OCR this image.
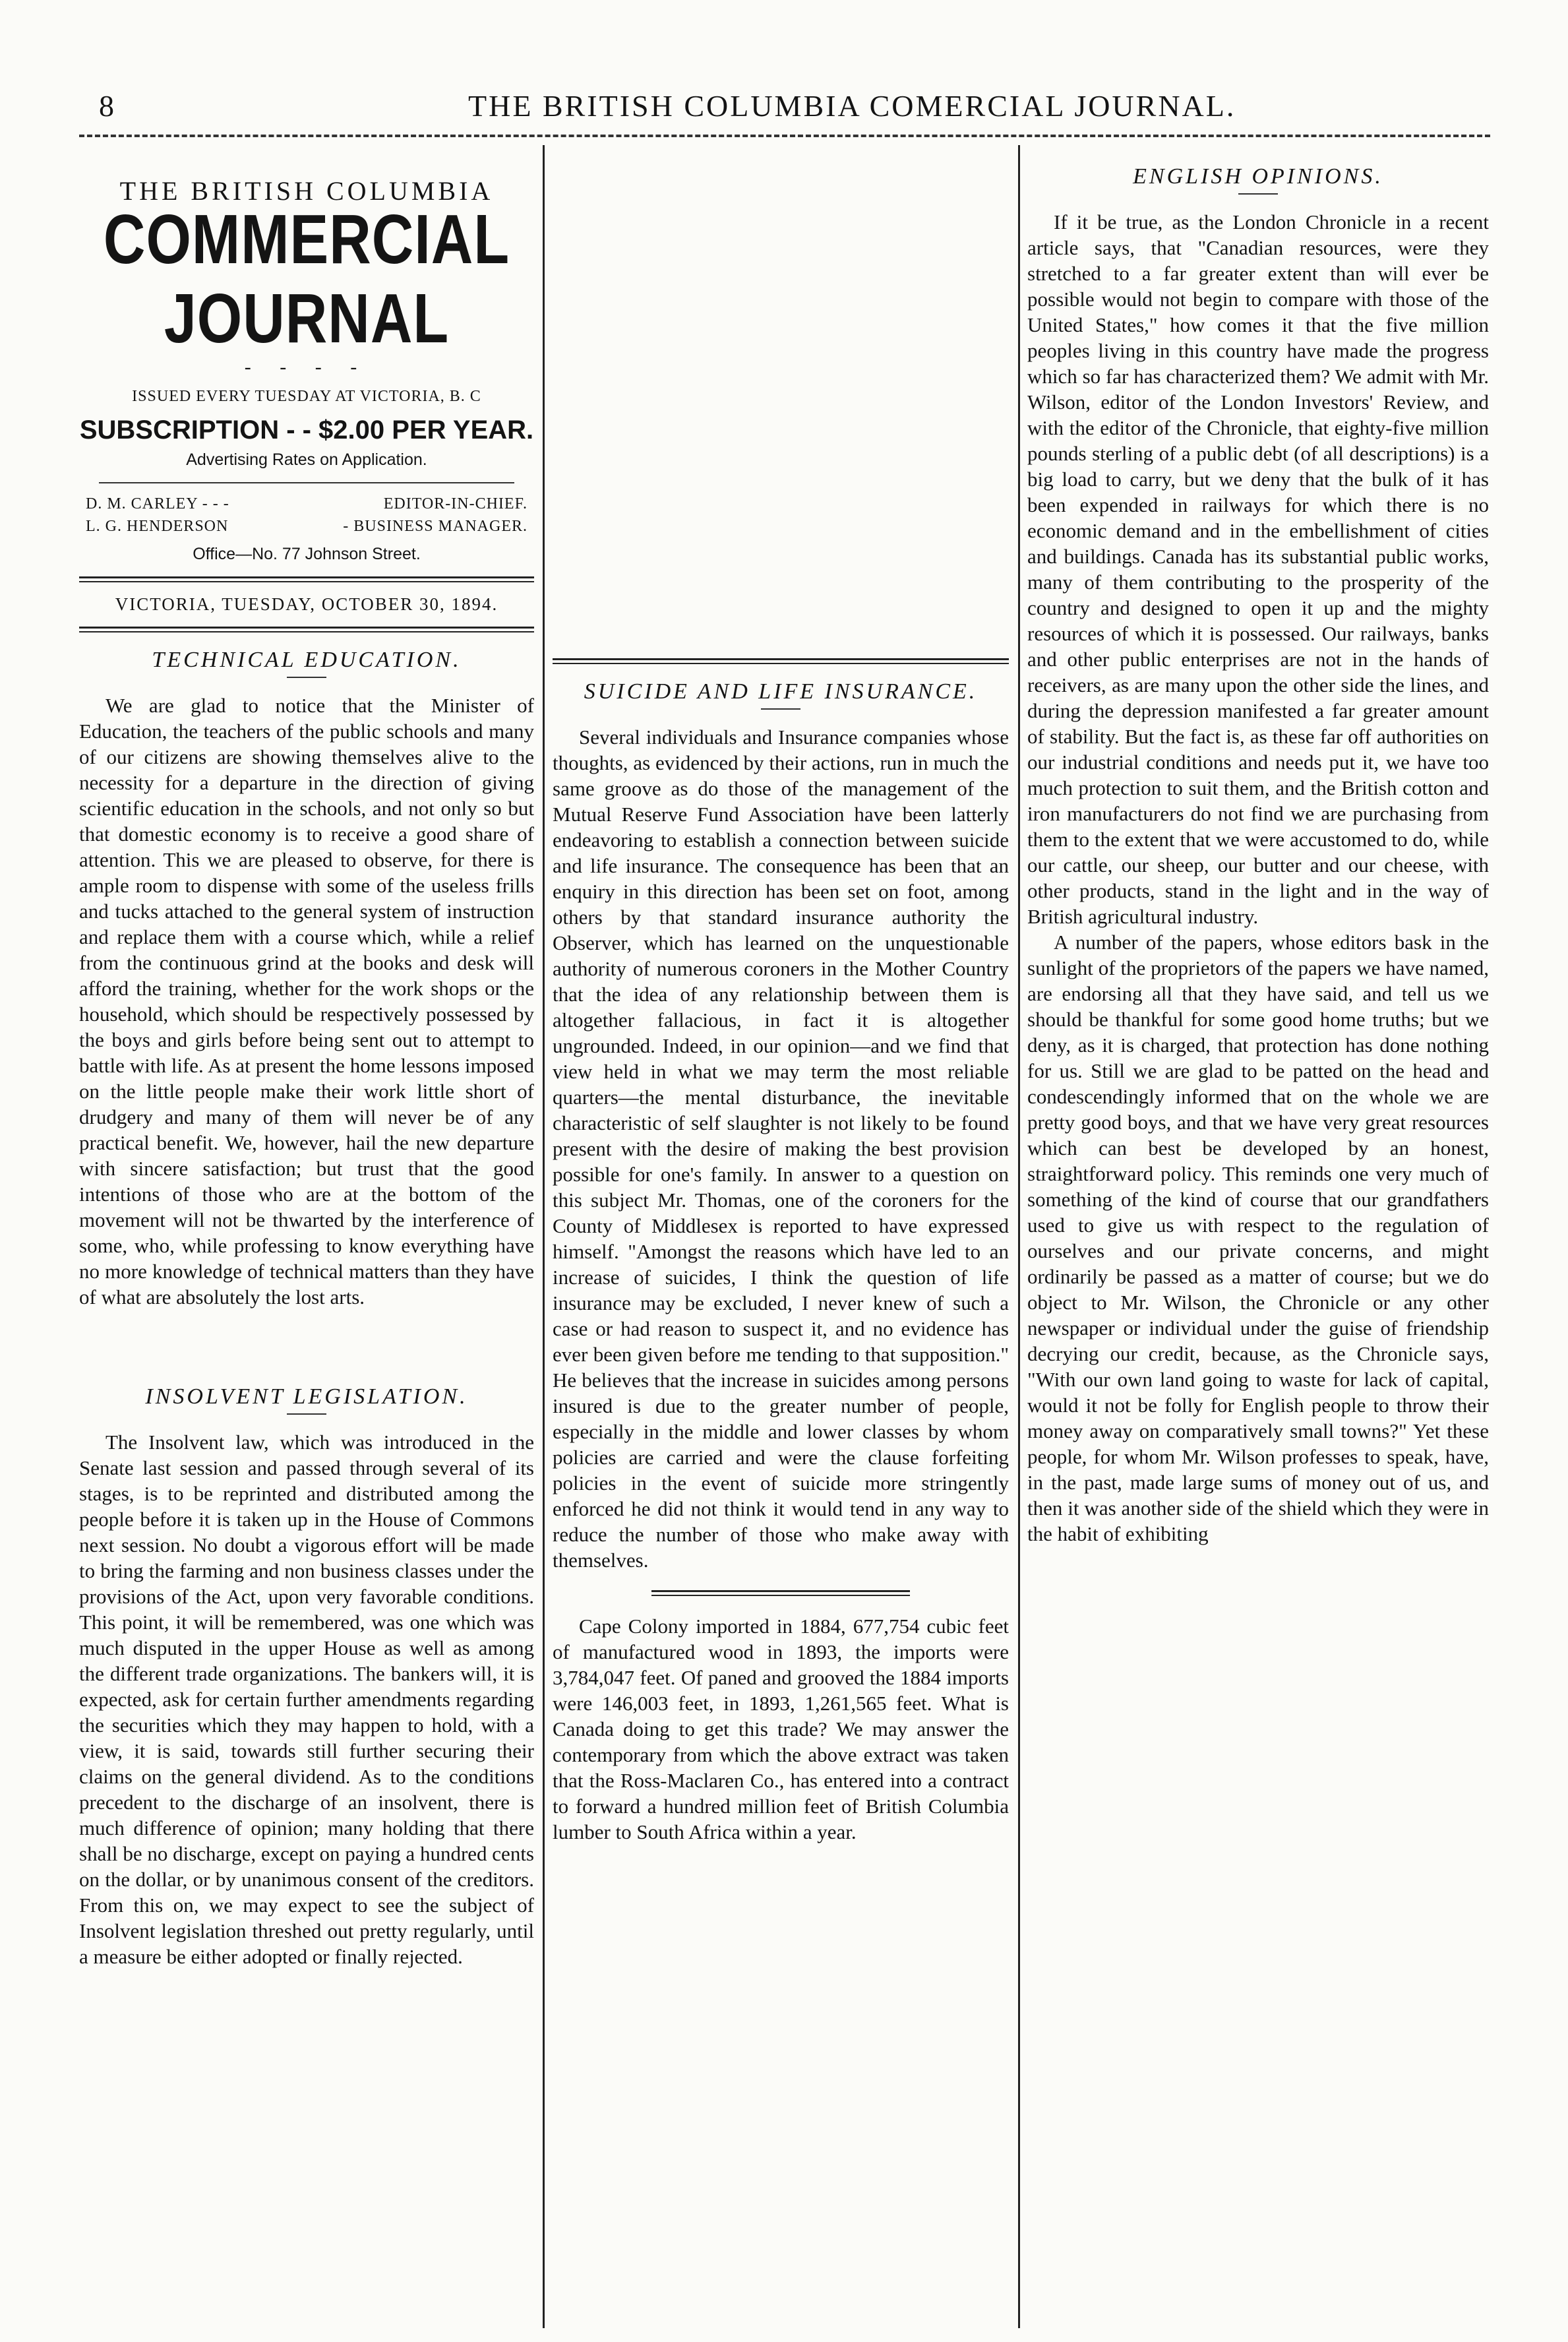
8	THE BRITISH COLUMBIA COMERCIAL JOURNAL.
THE BRITISH COLUMBIA
COMMERCIAL JOURNAL
- - - -
ISSUED EVERY TUESDAY AT VICTORIA, B. C
SUBSCRIPTION - - $2.00 PER YEAR.
Advertising Rates on Application.
D. M. CARLEY - - -	EDITOR-IN-CHIEF.
L. G. HENDERSON	- BUSINESS MANAGER.
Office—No. 77 Johnson Street.
VICTORIA, TUESDAY, OCTOBER 30, 1894.
TECHNICAL EDUCATION.

We are glad to notice that the Minister of Education, the teachers of the public schools and many of our citizens are showing themselves alive to the necessity for a departure in the direction of giving scientific education in the schools, and not only so but that domestic economy is to receive a good share of attention. This we are pleased to observe, for there is ample room to dispense with some of the useless frills and tucks attached to the general system of instruction and replace them with a course which, while a relief from the continuous grind at the books and desk will afford the training, whether for the work shops or the household, which should be respectively possessed by the boys and girls before being sent out to attempt to battle with life. As at present the home lessons imposed on the little people make their work little short of drudgery and many of them will never be of any practical benefit. We, however, hail the new departure with sincere satisfaction; but trust that the good intentions of those who are at the bottom of the movement will not be thwarted by the interference of some, who, while professing to know everything have no more knowledge of technical matters than they have of what are absolutely the lost arts.

INSOLVENT LEGISLATION.

The Insolvent law, which was introduced in the Senate last session and passed through several of its stages, is to be reprinted and distributed among the people before it is taken up in the House of Commons next session. No doubt a vigorous effort will be made to bring the farming and non business classes under the provisions of the Act, upon very favorable conditions. This point, it will be remembered, was one which was much disputed in the upper House as well as among the different trade organizations. The bankers will, it is expected, ask for certain further amendments regarding the securities which they may happen to hold, with a view, it is said, towards still further securing their claims on the general dividend. As to the conditions precedent to the discharge of an insolvent, there is much difference of opinion; many holding that there shall be no discharge, except on paying a hundred cents on the dollar, or by unanimous consent of the creditors. From this on, we may expect to see the subject of Insolvent legislation threshed out pretty regularly, until a measure be either adopted or finally rejected.

SUICIDE AND LIFE INSURANCE.

Several individuals and Insurance companies whose thoughts, as evidenced by their actions, run in much the same groove as do those of the management of the Mutual Reserve Fund Association have been latterly endeavoring to establish a connection between suicide and life insurance. The consequence has been that an enquiry in this direction has been set on foot, among others by that standard insurance authority the Observer, which has learned on the unquestionable authority of numerous coroners in the Mother Country that the idea of any relationship between them is altogether fallacious, in fact it is altogether ungrounded. Indeed, in our opinion—and we find that view held in what we may term the most reliable quarters—the mental disturbance, the inevitable characteristic of self slaughter is not likely to be found present with the desire of making the best provision possible for one's family. In answer to a question on this subject Mr. Thomas, one of the coroners for the County of Middlesex is reported to have expressed himself. "Amongst the reasons which have led to an increase of suicides, I think the question of life insurance may be excluded, I never knew of such a case or had reason to suspect it, and no evidence has ever been given before me tending to that supposition." He believes that the increase in suicides among persons insured is due to the greater number of people, especially in the middle and lower classes by whom policies are carried and were the clause forfeiting policies in the event of suicide more stringently enforced he did not think it would tend in any way to reduce the number of those who make away with themselves.

Cape Colony imported in 1884, 677,754 cubic feet of manufactured wood in 1893, the imports were 3,784,047 feet. Of paned and grooved the 1884 imports were 146,003 feet, in 1893, 1,261,565 feet. What is Canada doing to get this trade? We may answer the contemporary from which the above extract was taken that the Ross-Maclaren Co., has entered into a contract to forward a hundred million feet of British Columbia lumber to South Africa within a year.

ENGLISH OPINIONS.

If it be true, as the London Chronicle in a recent article says, that "Canadian resources, were they stretched to a far greater extent than will ever be possible would not begin to compare with those of the United States," how comes it that the five million peoples living in this country have made the progress which so far has characterized them? We admit with Mr. Wilson, editor of the London Investors' Review, and with the editor of the Chronicle, that eighty-five million pounds sterling of a public debt (of all descriptions) is a big load to carry, but we deny that the bulk of it has been expended in railways for which there is no economic demand and in the embellishment of cities and buildings. Canada has its substantial public works, many of them contributing to the prosperity of the country and designed to open it up and the mighty resources of which it is possessed. Our railways, banks and other public enterprises are not in the hands of receivers, as are many upon the other side the lines, and during the depression manifested a far greater amount of stability. But the fact is, as these far off authorities on our industrial conditions and needs put it, we have too much protection to suit them, and the British cotton and iron manufacturers do not find we are purchasing from them to the extent that we were accustomed to do, while our cattle, our sheep, our butter and our cheese, with other products, stand in the light and in the way of British agricultural industry.

A number of the papers, whose editors bask in the sunlight of the proprietors of the papers we have named, are endorsing all that they have said, and tell us we should be thankful for some good home truths; but we deny, as it is charged, that protection has done nothing for us. Still we are glad to be patted on the head and condescendingly informed that on the whole we are pretty good boys, and that we have very great resources which can best be developed by an honest, straightforward policy. This reminds one very much of something of the kind of course that our grandfathers used to give us with respect to the regulation of ourselves and our private concerns, and might ordinarily be passed as a matter of course; but we do object to Mr. Wilson, the Chronicle or any other newspaper or individual under the guise of friendship decrying our credit, because, as the Chronicle says, "With our own land going to waste for lack of capital, would it not be folly for English people to throw their money away on comparatively small towns?" Yet these people, for whom Mr. Wilson professes to speak, have, in the past, made large sums of money out of us, and then it was another side of the shield which they were in the habit of exhibiting
